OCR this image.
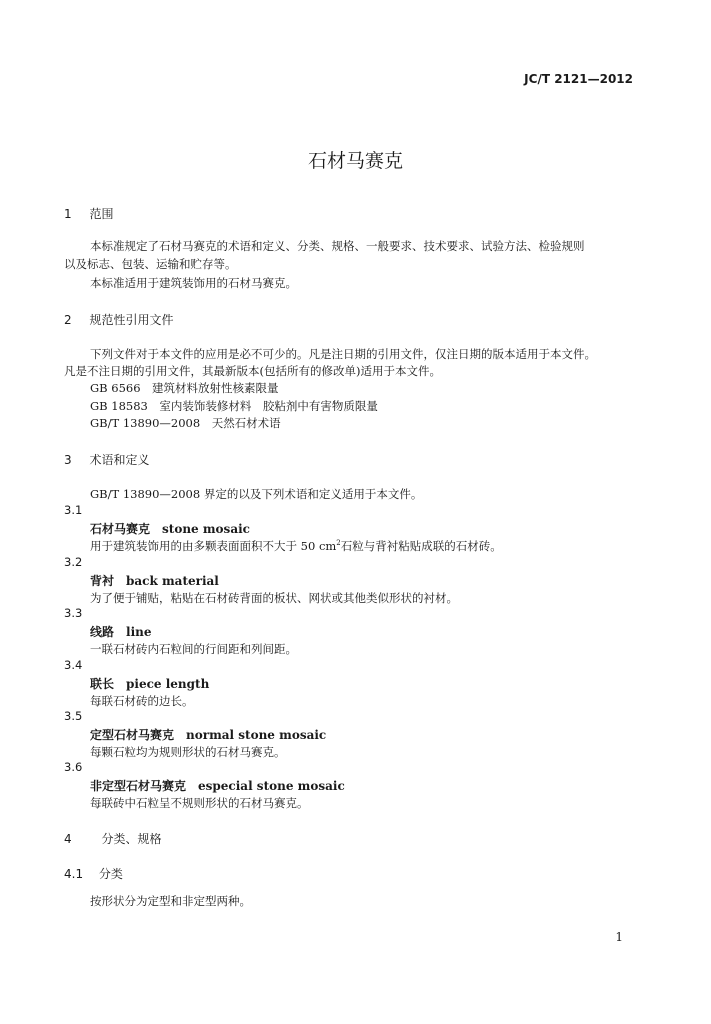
JC/T 2121—2012
石材马赛克
1 范围
本标准规定了石材马赛克的术语和定义、分类、规格、一般要求、技术要求、试验方法、检验规则
以及标志、包装、运输和贮存等。
本标准适用于建筑装饰用的石材马赛克。
2 规范性引用文件
下列文件对于本文件的应用是必不可少的。凡是注日期的引用文件，仅注日期的版本适用于本文件。
凡是不注日期的引用文件，其最新版本(包括所有的修改单)适用于本文件。
GB 6566　建筑材料放射性核素限量
GB 18583　室内装饰装修材料　胶粘剂中有害物质限量
GB/T 13890—2008　天然石材术语
3 术语和定义
GB/T 13890—2008 界定的以及下列术语和定义适用于本文件。
3.1
石材马赛克 stone mosaic
用于建筑装饰用的由多颗表面面积不大于 50 $cm^2$石粒与背衬粘贴成联的石材砖。
3.2
背衬 back material
为了便于铺贴，粘贴在石材砖背面的板状、网状或其他类似形状的衬材。
3.3
线路 line
一联石材砖内石粒间的行间距和列间距。
3.4
联长 piece length
每联石材砖的边长。
3.5
定型石材马赛克 normal stone mosaic
每颗石粒均为规则形状的石材马赛克。
3.6
非定型石材马赛克 especial stone mosaic
每联砖中石粒呈不规则形状的石材马赛克。
4 分类、规格
4.1 分类
按形状分为定型和非定型两种。
1
